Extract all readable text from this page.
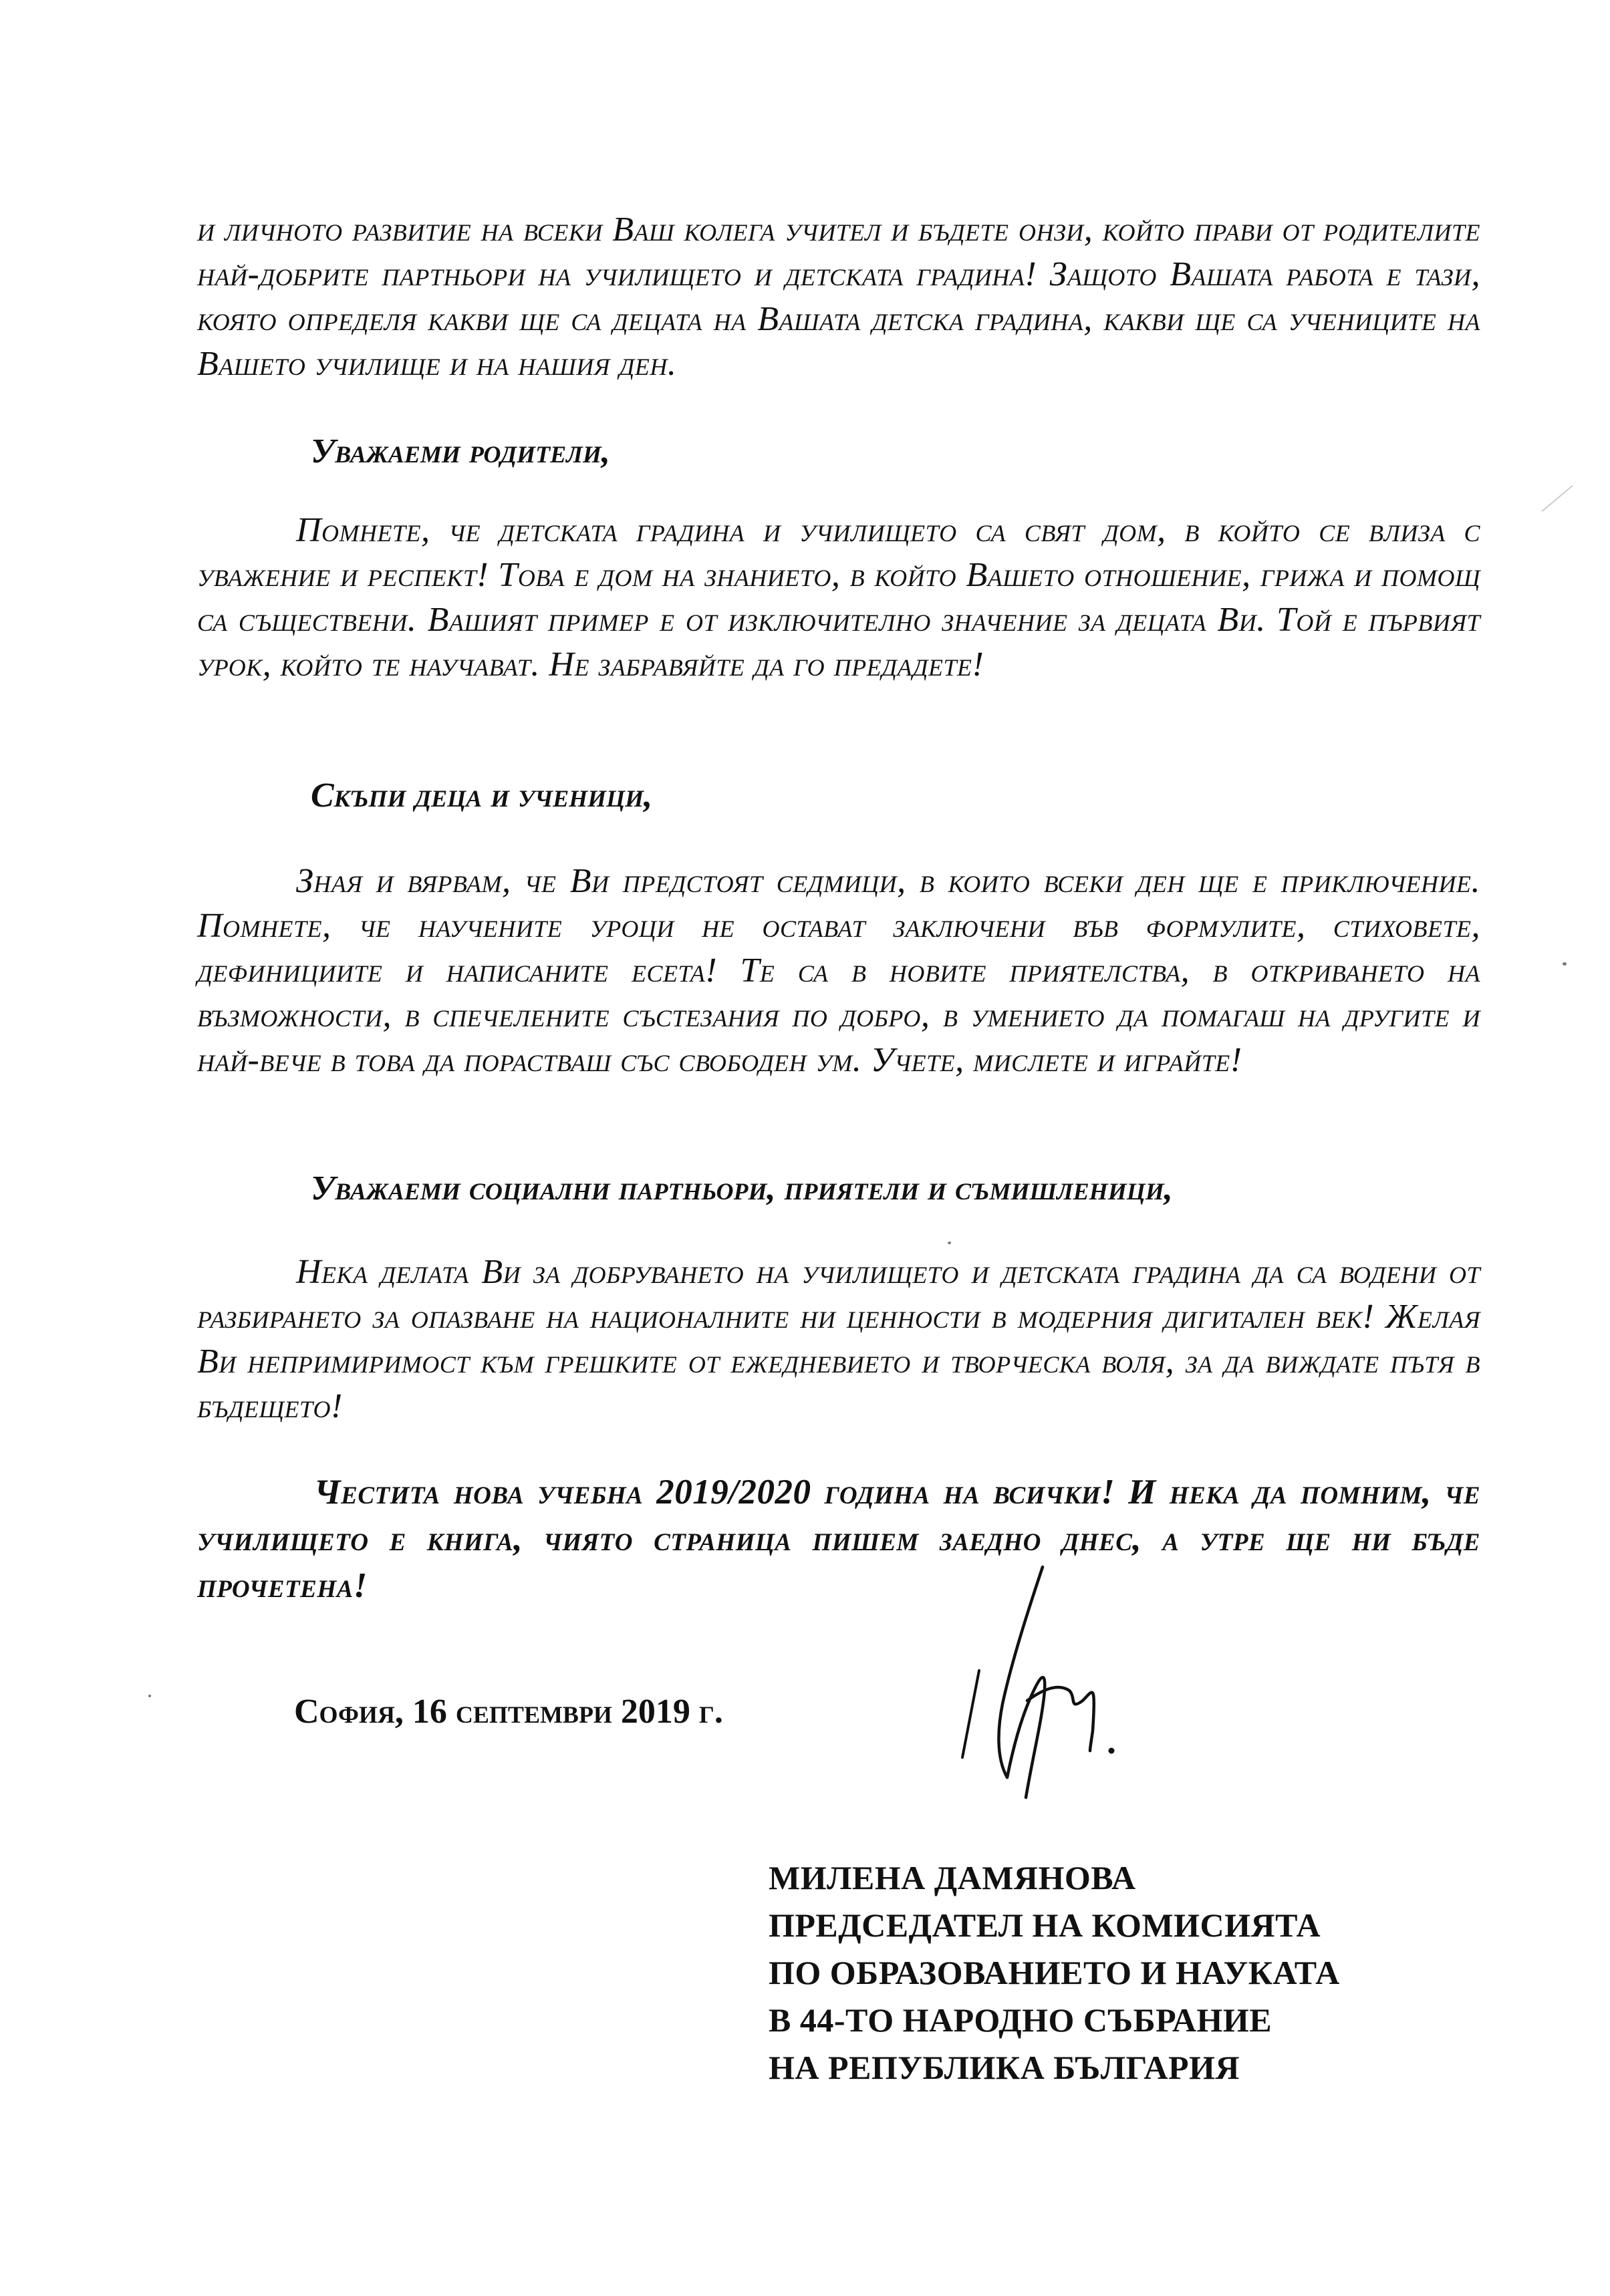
и личното развитие на всеки Ваш колега учител и бъдете онзи, който прави от родителите най-добрите партньори на училището и детската градина! Защото Вашата работа е тази, която определя какви ще са децата на Вашата детска градина, какви ще са учениците на Вашето училище и на нашия ден.

Уважаеми родители,

Помнете, че детската градина и училището са свят дом, в който се влиза с уважение и респект! Това е дом на знанието, в който Вашето отношение, грижа и помощ са съществени. Вашият пример е от изключително значение за децата Ви. Той е първият урок, който те научават. Не забравяйте да го предадете!

Скъпи деца и ученици,

Зная и вярвам, че Ви предстоят седмици, в които всеки ден ще е приключение. Помнете, че научените уроци не остават заключени във формулите, стиховете, дефинициите и написаните есета! Те са в новите приятелства, в откриването на възможности, в спечелените състезания по добро, в умението да помагаш на другите и най-вече в това да порастваш със свободен ум. Учете, мислете и играйте!

Уважаеми социални партньори, приятели и съмишленици,

Нека делата Ви за добруването на училището и детската градина да са водени от разбирането за опазване на националните ни ценности в модерния дигитален век! Желая Ви непримиримост към грешките от ежедневието и творческа воля, за да виждате пътя в бъдещето!

Честита нова учебна 2019/2020 година на всички! И нека да помним, че училището е книга, чиято страница пишем заедно днес, а утре ще ни бъде прочетена!

София, 16 септември 2019 г.

МИЛЕНА ДАМЯНОВА
ПРЕДСЕДАТЕЛ НА КОМИСИЯТА
ПО ОБРАЗОВАНИЕТО И НАУКАТА
В 44-ТО НАРОДНО СЪБРАНИЕ
НА РЕПУБЛИКА БЪЛГАРИЯ
